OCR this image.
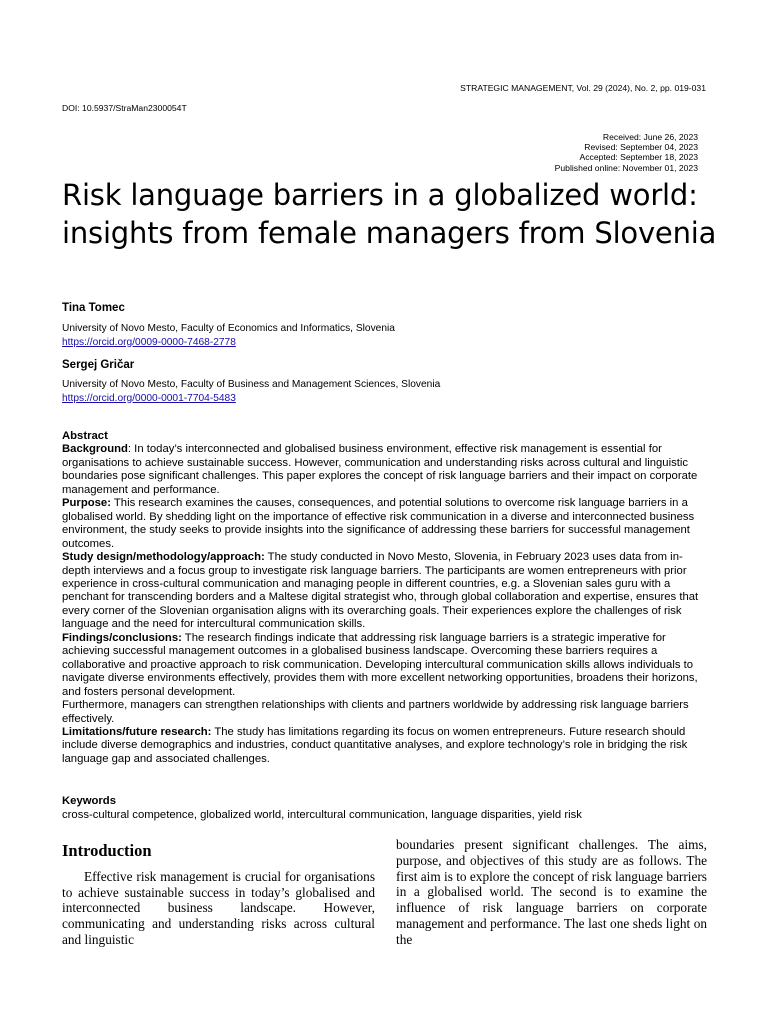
STRATEGIC MANAGEMENT, Vol. 29 (2024), No. 2, pp. 019-031
DOI: 10.5937/StraMan2300054T
Received: June 26, 2023
Revised: September 04, 2023
Accepted: September 18, 2023
Published online: November 01, 2023
Risk language barriers in a globalized world: insights from female managers from Slovenia
Tina Tomec
University of Novo Mesto, Faculty of Economics and Informatics, Slovenia
https://orcid.org/0009-0000-7468-2778
Sergej Gričar
University of Novo Mesto, Faculty of Business and Management Sciences, Slovenia
https://orcid.org/0000-0001-7704-5483

Abstract

Background: In today’s interconnected and globalised business environment, effective risk management is essential for organisations to achieve sustainable success. However, communication and understanding risks across cultural and linguistic boundaries pose significant challenges. This paper explores the concept of risk language barriers and their impact on corporate management and performance.

Purpose: This research examines the causes, consequences, and potential solutions to overcome risk language barriers in a globalised world. By shedding light on the importance of effective risk communication in a diverse and interconnected business environment, the study seeks to provide insights into the significance of addressing these barriers for successful management outcomes.

Study design/methodology/approach: The study conducted in Novo Mesto, Slovenia, in February 2023 uses data from in-depth interviews and a focus group to investigate risk language barriers. The participants are women entrepreneurs with prior experience in cross-cultural communication and managing people in different countries, e.g. a Slovenian sales guru with a penchant for transcending borders and a Maltese digital strategist who, through global collaboration and expertise, ensures that every corner of the Slovenian organisation aligns with its overarching goals. Their experiences explore the challenges of risk language and the need for intercultural communication skills.

Findings/conclusions: The research findings indicate that addressing risk language barriers is a strategic imperative for achieving successful management outcomes in a globalised business landscape. Overcoming these barriers requires a collaborative and proactive approach to risk communication. Developing intercultural communication skills allows individuals to navigate diverse environments effectively, provides them with more excellent networking opportunities, broadens their horizons, and fosters personal development.

Furthermore, managers can strengthen relationships with clients and partners worldwide by addressing risk language barriers effectively.

Limitations/future research: The study has limitations regarding its focus on women entrepreneurs. Future research should include diverse demographics and industries, conduct quantitative analyses, and explore technology’s role in bridging the risk language gap and associated challenges.

Keywords
cross-cultural competence, globalized world, intercultural communication, language disparities, yield risk
Introduction

Effective risk management is crucial for organisations to achieve sustainable success in today’s globalised and interconnected business landscape. However, communicating and understanding risks across cultural and linguistic

boundaries present significant challenges. The aims, purpose, and objectives of this study are as follows. The first aim is to explore the concept of risk language barriers in a globalised world. The second is to examine the influence of risk language barriers on corporate management and performance. The last one sheds light on the
